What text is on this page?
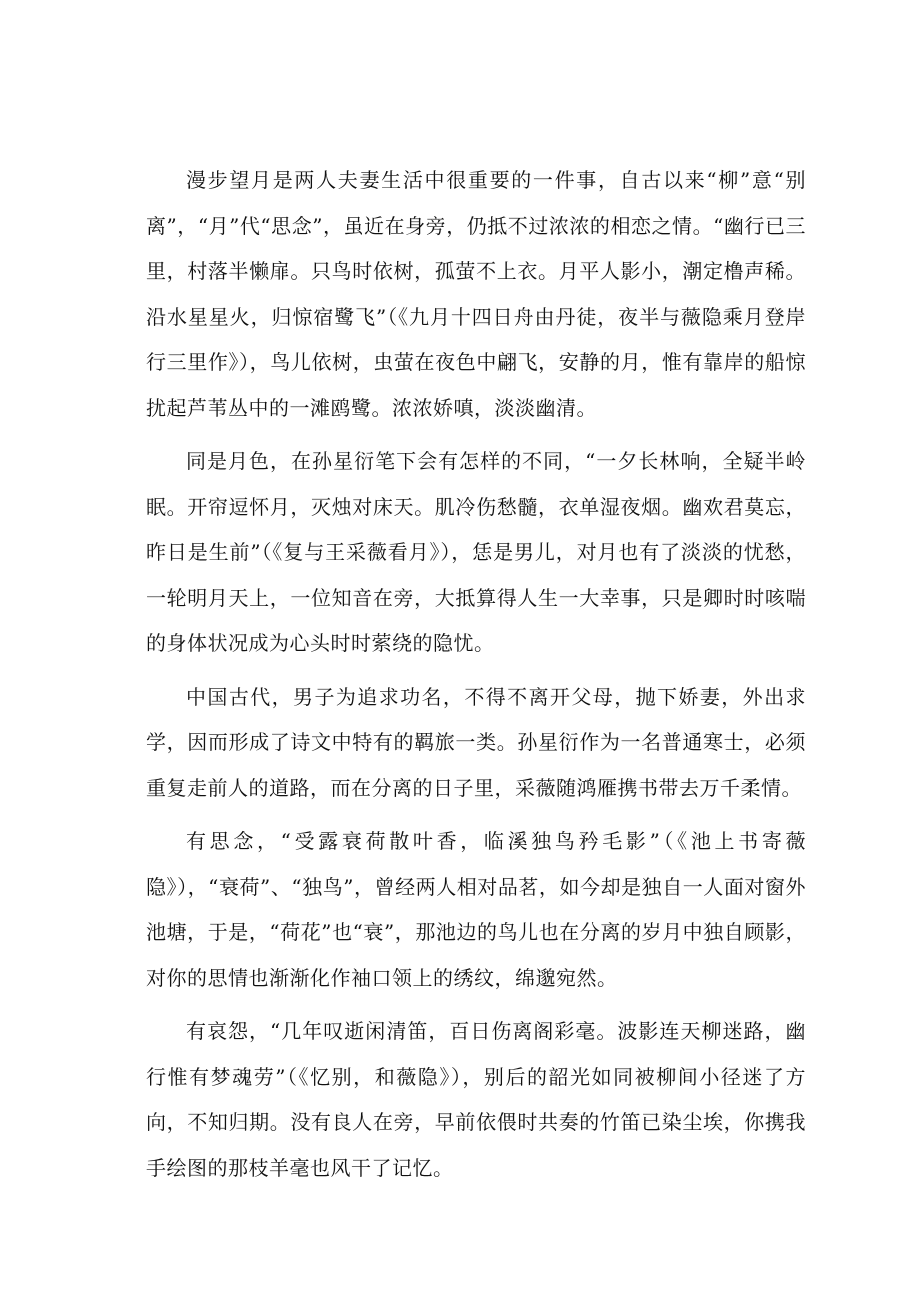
漫步望月是两人夫妻生活中很重要的一件事，自古以来“柳”意“别离”，“月”代“思念”，虽近在身旁，仍抵不过浓浓的相恋之情。“幽行已三里，村落半懒扉。只鸟时依树，孤萤不上衣。月平人影小，潮定橹声稀。沿水星星火，归惊宿鹭飞”（《九月十四日舟由丹徒，夜半与薇隐乘月登岸行三里作》），鸟儿依树，虫萤在夜色中翩飞，安静的月，惟有靠岸的船惊扰起芦苇丛中的一滩鸥鹭。浓浓娇嗔，淡淡幽清。

同是月色，在孙星衍笔下会有怎样的不同，“一夕长林响，全疑半岭眠。开帘逗怀月，灭烛对床天。肌冷伤愁髓，衣单湿夜烟。幽欢君莫忘，昨日是生前”（《复与王采薇看月》），恁是男儿，对月也有了淡淡的忧愁，一轮明月天上，一位知音在旁，大抵算得人生一大幸事，只是卿时时咳喘的身体状况成为心头时时萦绕的隐忧。

中国古代，男子为追求功名，不得不离开父母，抛下娇妻，外出求学，因而形成了诗文中特有的羁旅一类。孙星衍作为一名普通寒士，必须重复走前人的道路，而在分离的日子里，采薇随鸿雁携书带去万千柔情。

有思念，“受露衰荷散叶香，临溪独鸟矜毛影”（《池上书寄薇隐》），“衰荷”、“独鸟”，曾经两人相对品茗，如今却是独自一人面对窗外池塘，于是，“荷花”也“衰”，那池边的鸟儿也在分离的岁月中独自顾影，对你的思情也渐渐化作袖口领上的绣纹，绵邈宛然。

有哀怨，“几年叹逝闲清笛，百日伤离阁彩毫。波影连天柳迷路，幽行惟有梦魂劳”（《忆别，和薇隐》），别后的韶光如同被柳间小径迷了方向，不知归期。没有良人在旁，早前依偎时共奏的竹笛已染尘埃，你携我手绘图的那枝羊毫也风干了记忆。
